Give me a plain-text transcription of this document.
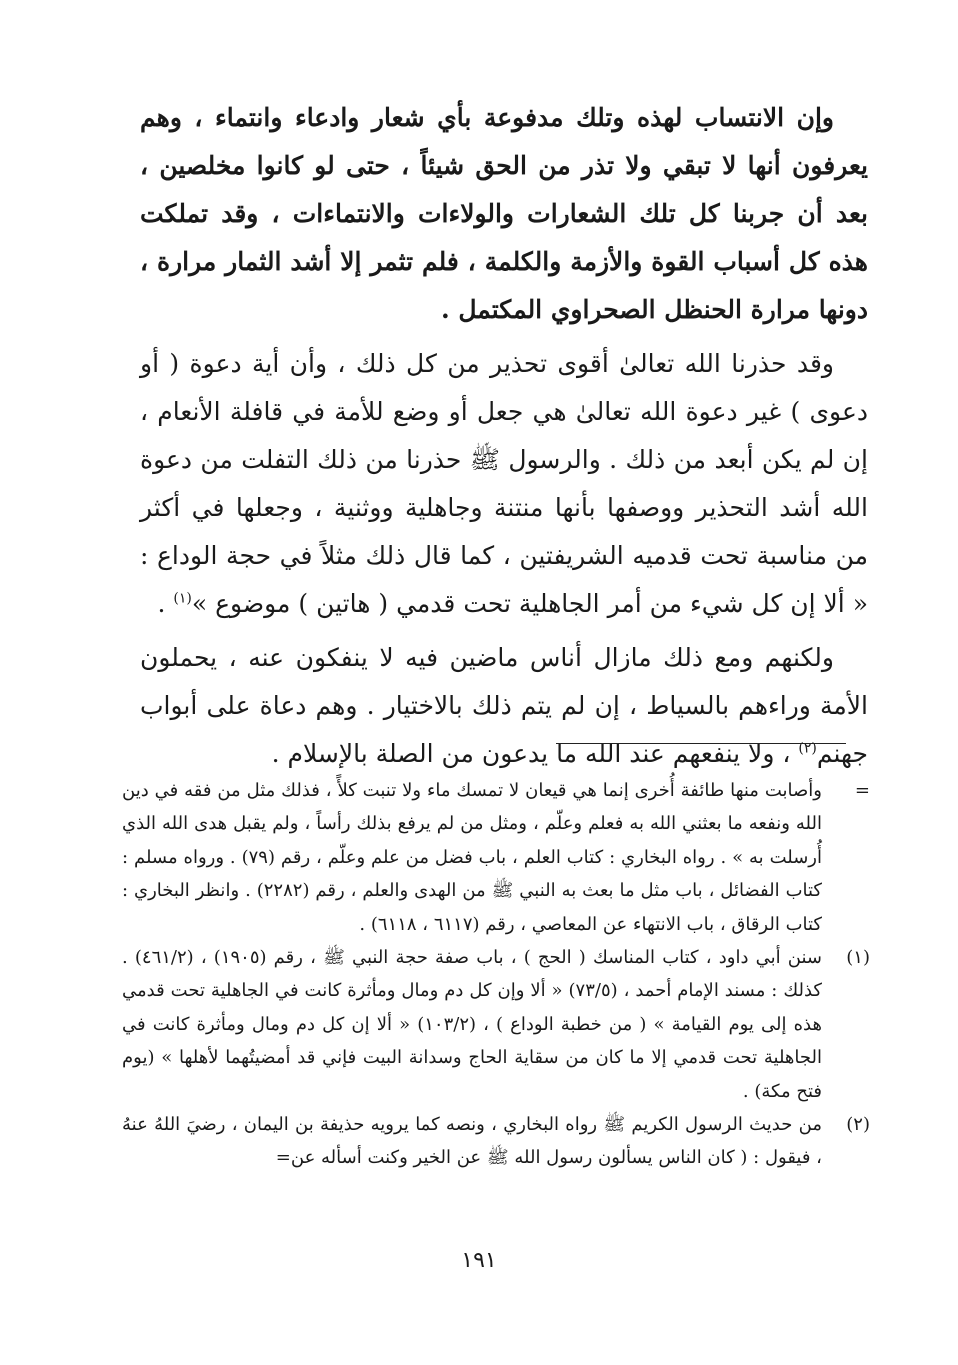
وإن الانتساب لهذه وتلك مدفوعة بأي شعار وادعاء وانتماء ، وهم يعرفون أنها لا تبقي ولا تذر من الحق شيئاً ، حتى لو كانوا مخلصين ، بعد أن جربنا كل تلك الشعارات والولاءات والانتماءات ، وقد تملكت هذه كل أسباب القوة والأزمة والكلمة ، فلم تثمر إلا أشد الثمار مرارة ، دونها مرارة الحنظل الصحراوي المكتمل .

وقد حذرنا الله تعالىٰ أقوى تحذير من كل ذلك ، وأن أية دعوة ( أو دعوى ) غير دعوة الله تعالىٰ هي جعل أو وضع للأمة في قافلة الأنعام ، إن لم يكن أبعد من ذلك . والرسول ﷺ حذرنا من ذلك التفلت من دعوة الله أشد التحذير ووصفها بأنها منتنة وجاهلية ووثنية ، وجعلها في أكثر من مناسبة تحت قدميه الشريفتين ، كما قال ذلك مثلاً في حجة الوداع : « ألا إن كل شيء من أمر الجاهلية تحت قدمي ( هاتين ) موضوع »$^{(١)}$ .

ولكنهم ومع ذلك مازال أناس ماضين فيه لا ينفكون عنه ، يحملون الأمة وراءهم بالسياط ، إن لم يتم ذلك بالاختيار . وهم دعاة على أبواب جهنم$^{(٢)}$ ، ولا ينفعهم عند الله ما يدعون من الصلة بالإسلام .

=
وأصابت منها طائفة أُخرى إنما هي قيعان لا تمسك ماء ولا تنبت كلأً ، فذلك مثل من فقه في دين الله ونفعه ما بعثني الله به فعلم وعلّم ، ومثل من لم يرفع بذلك رأساً ، ولم يقبل هدى الله الذي أُرسلت به » . رواه البخاري : كتاب العلم ، باب فضل من علم وعلّم ، رقم (٧٩) . ورواه مسلم : كتاب الفضائل ، باب مثل ما بعث به النبي ﷺ من الهدى والعلم ، رقم (٢٢٨٢) . وانظر البخاري : كتاب الرقاق ، باب الانتهاء عن المعاصي ، رقم (٦١١٧ ، ٦١١٨) .
(١)
سنن أبي داود ، كتاب المناسك ( الحج ) ، باب صفة حجة النبي ﷺ ، رقم (١٩٠٥) ، (٤٦١/٢) . كذلك : مسند الإمام أحمد ، (٧٣/٥) « ألا وإن كل دم ومال ومأثرة كانت في الجاهلية تحت قدمي هذه إلى يوم القيامة » ( من خطبة الوداع ) ، (١٠٣/٢) « ألا إن كل دم ومال ومأثرة كانت في الجاهلية تحت قدمي إلا ما كان من سقاية الحاج وسدانة البيت فإني قد أمضيتُهما لأهلها » (يوم فتح مكة) .
(٢)
من حديث الرسول الكريم ﷺ رواه البخاري ، ونصه كما يرويه حذيفة بن اليمان ، رضيَ اللهُ عنهُ ، فيقول : ( كان الناس يسألون رسول الله ﷺ عن الخير وكنت أسأله عن=
١٩١
